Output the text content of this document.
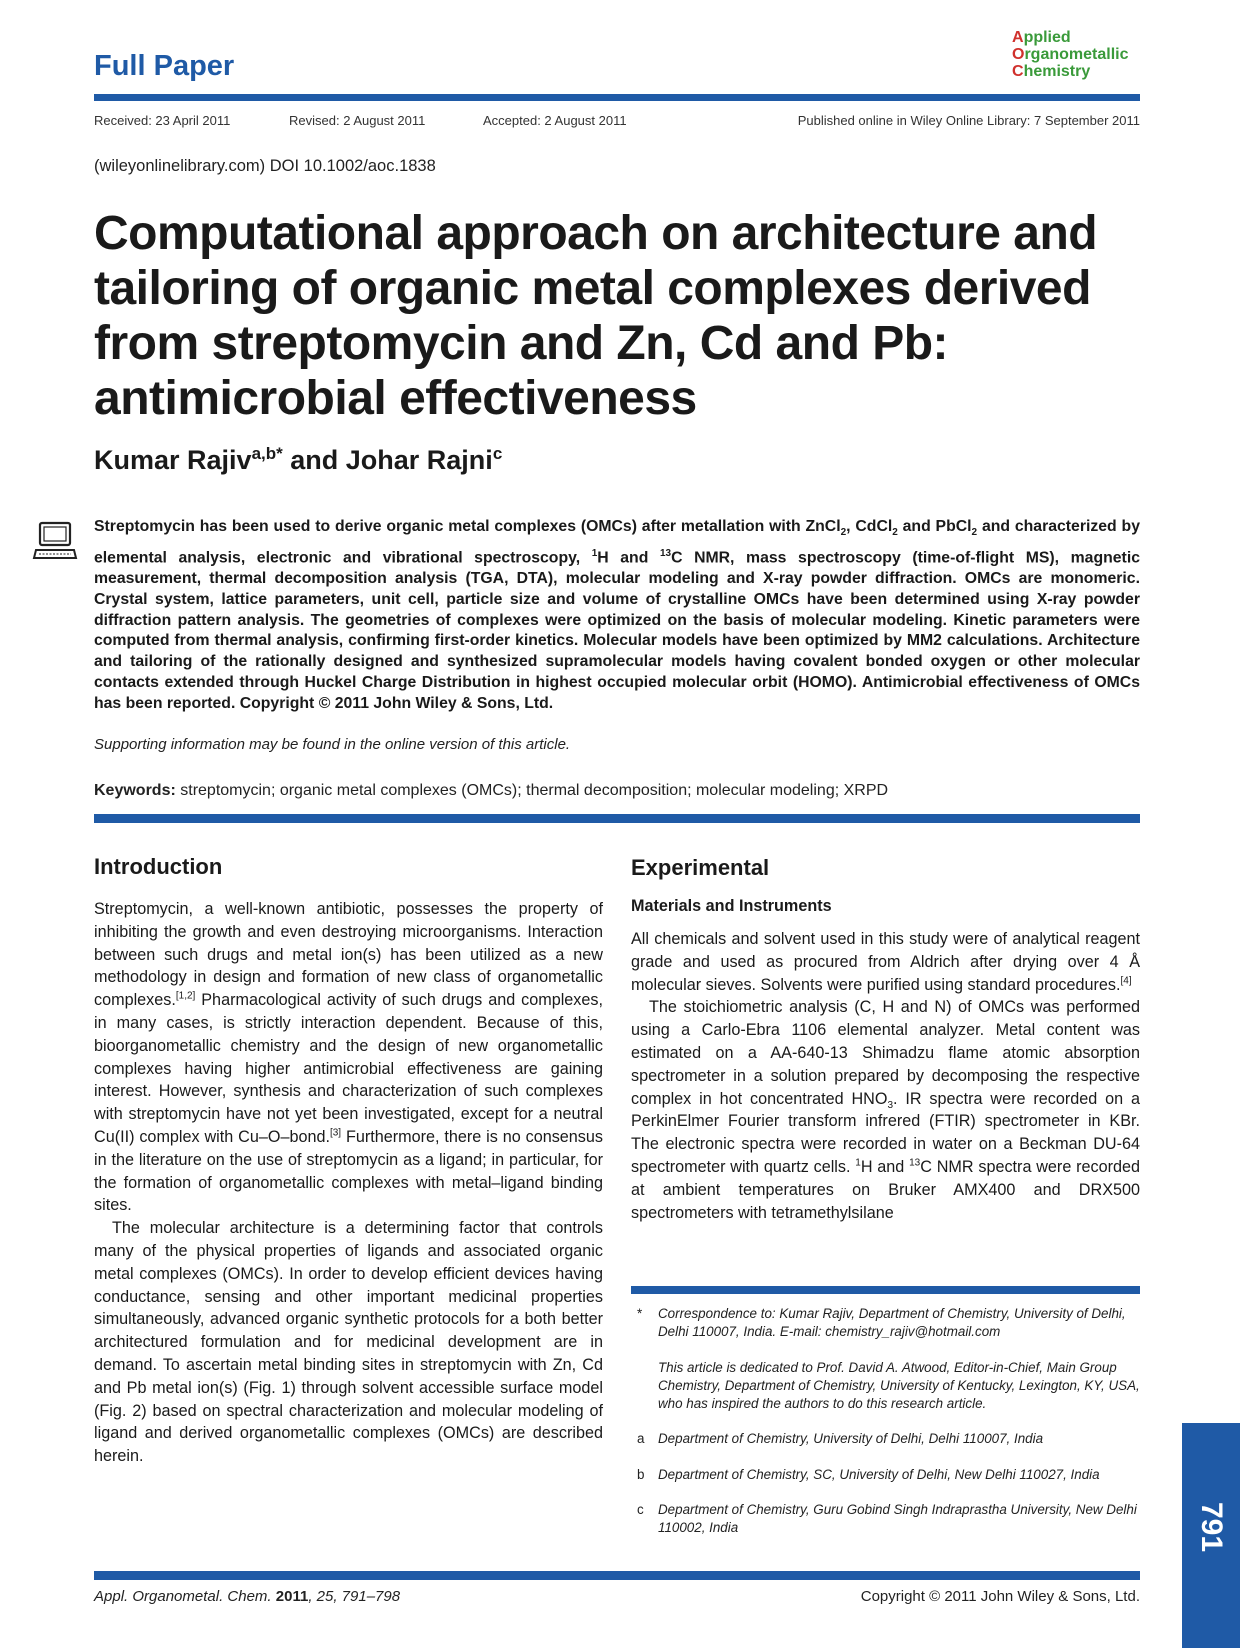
Full Paper
Applied
Organometallic
Chemistry
Received: 23 April 2011	Revised: 2 August 2011	Accepted: 2 August 2011	Published online in Wiley Online Library: 7 September 2011
(wileyonlinelibrary.com) DOI 10.1002/aoc.1838
Computational approach on architecture and tailoring of organic metal complexes derived from streptomycin and Zn, Cd and Pb: antimicrobial effectiveness
Kumar Rajiv$^{a,b*}$ and Johar Rajni$^c$
Streptomycin has been used to derive organic metal complexes (OMCs) after metallation with ZnCl$_2$, CdCl$_2$ and PbCl$_2$ and characterized by elemental analysis, electronic and vibrational spectroscopy, $^1$H and $^{13}$C NMR, mass spectroscopy (time-of-flight MS), magnetic measurement, thermal decomposition analysis (TGA, DTA), molecular modeling and X-ray powder diffraction. OMCs are monomeric. Crystal system, lattice parameters, unit cell, particle size and volume of crystalline OMCs have been determined using X-ray powder diffraction pattern analysis. The geometries of complexes were optimized on the basis of molecular modeling. Kinetic parameters were computed from thermal analysis, confirming first-order kinetics. Molecular models have been optimized by MM2 calculations. Architecture and tailoring of the rationally designed and synthesized supramolecular models having covalent bonded oxygen or other molecular contacts extended through Huckel Charge Distribution in highest occupied molecular orbit (HOMO). Antimicrobial effectiveness of OMCs has been reported. Copyright © 2011 John Wiley & Sons, Ltd.
Supporting information may be found in the online version of this article.
Keywords: streptomycin; organic metal complexes (OMCs); thermal decomposition; molecular modeling; XRPD
Introduction

Streptomycin, a well-known antibiotic, possesses the property of inhibiting the growth and even destroying microorganisms. Interaction between such drugs and metal ion(s) has been utilized as a new methodology in design and formation of new class of organometallic complexes.[1,2] Pharmacological activity of such drugs and complexes, in many cases, is strictly interaction dependent. Because of this, bioorganometallic chemistry and the design of new organometallic complexes having higher antimicrobial effectiveness are gaining interest. However, synthesis and characterization of such complexes with streptomycin have not yet been investigated, except for a neutral Cu(II) complex with Cu–O–bond.[3] Furthermore, there is no consensus in the literature on the use of streptomycin as a ligand; in particular, for the formation of organometallic complexes with metal–ligand binding sites.

The molecular architecture is a determining factor that controls many of the physical properties of ligands and associated organic metal complexes (OMCs). In order to develop efficient devices having conductance, sensing and other important medicinal properties simultaneously, advanced organic synthetic protocols for a both better architectured formulation and for medicinal development are in demand. To ascertain metal binding sites in streptomycin with Zn, Cd and Pb metal ion(s) (Fig. 1) through solvent accessible surface model (Fig. 2) based on spectral characterization and molecular modeling of ligand and derived organometallic complexes (OMCs) are described herein.

Experimental
Materials and Instruments

All chemicals and solvent used in this study were of analytical reagent grade and used as procured from Aldrich after drying over 4 Å molecular sieves. Solvents were purified using standard procedures.[4]

The stoichiometric analysis (C, H and N) of OMCs was performed using a Carlo-Ebra 1106 elemental analyzer. Metal content was estimated on a AA-640-13 Shimadzu flame atomic absorption spectrometer in a solution prepared by decomposing the respective complex in hot concentrated $HNO_3$. IR spectra were recorded on a PerkinElmer Fourier transform infrered (FTIR) spectrometer in KBr. The electronic spectra were recorded in water on a Beckman DU-64 spectrometer with quartz cells. $^1$H and $^{13}$C NMR spectra were recorded at ambient temperatures on Bruker AMX400 and DRX500 spectrometers with tetramethylsilane

* Correspondence to: Kumar Rajiv, Department of Chemistry, University of Delhi, Delhi 110007, India. E-mail: chemistry_rajiv@hotmail.com
This article is dedicated to Prof. David A. Atwood, Editor-in-Chief, Main Group Chemistry, Department of Chemistry, University of Kentucky, Lexington, KY, USA, who has inspired the authors to do this research article.
a Department of Chemistry, University of Delhi, Delhi 110007, India
b Department of Chemistry, SC, University of Delhi, New Delhi 110027, India
c Department of Chemistry, Guru Gobind Singh Indraprastha University, New Delhi 110002, India
Appl. Organometal. Chem. 2011, 25, 791–798	Copyright © 2011 John Wiley & Sons, Ltd.
791
